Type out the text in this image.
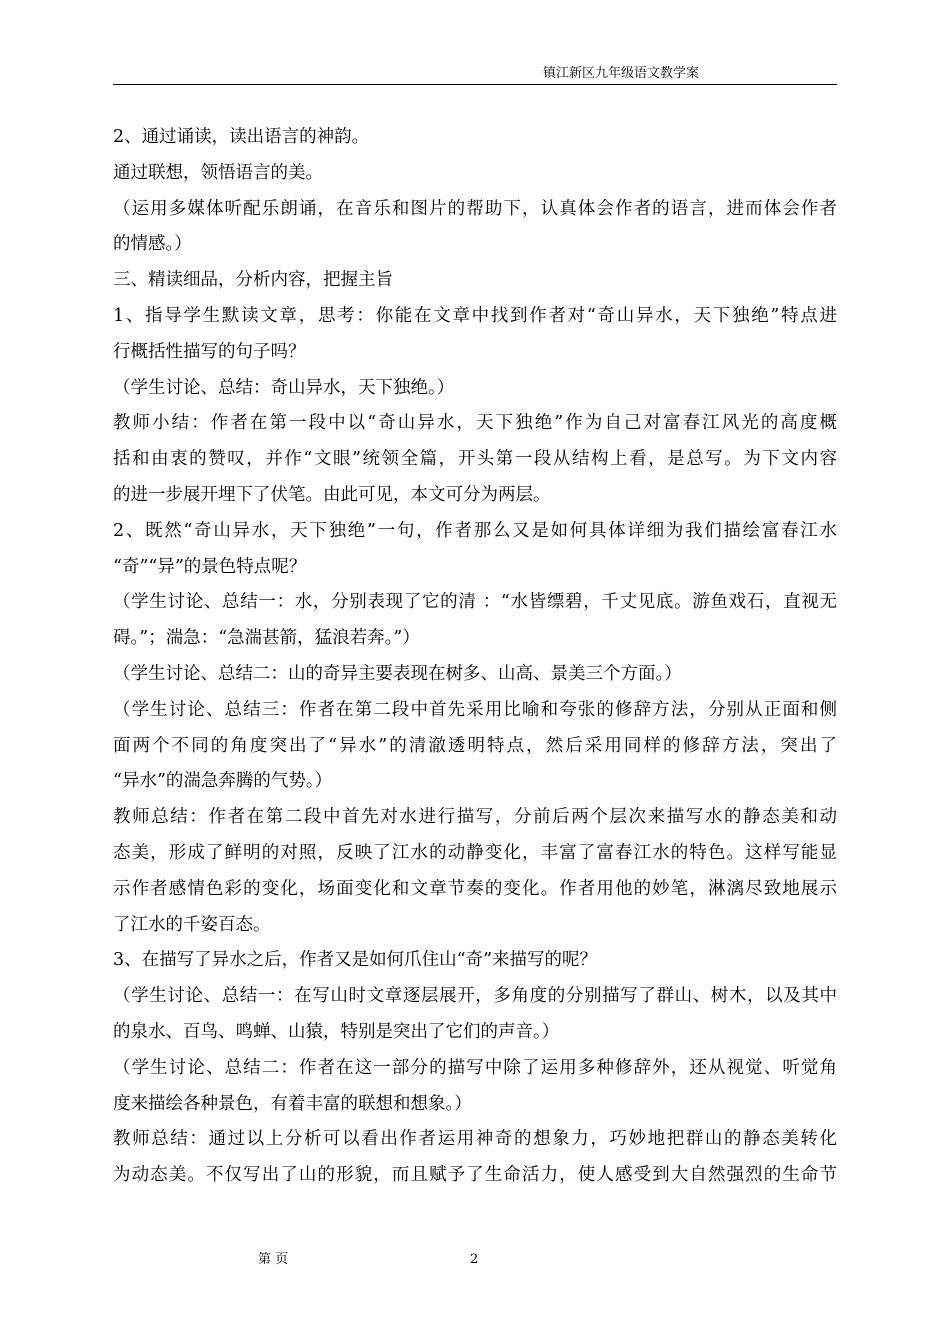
镇江新区九年级语文教学案
2、通过诵读，读出语言的神韵。
通过联想，领悟语言的美。
（运用多媒体听配乐朗诵，在音乐和图片的帮助下，认真体会作者的语言，进而体会作者
的情感。）
三、精读细品，分析内容，把握主旨
1、指导学生默读文章，思考：你能在文章中找到作者对“奇山异水，天下独绝”特点进
行概括性描写的句子吗？
（学生讨论、总结：奇山异水，天下独绝。）
教师小结：作者在第一段中以“奇山异水，天下独绝”作为自己对富春江风光的高度概
括和由衷的赞叹，并作“文眼”统领全篇，开头第一段从结构上看，是总写。为下文内容
的进一步展开埋下了伏笔。由此可见，本文可分为两层。
2、既然“奇山异水，天下独绝”一句，作者那么又是如何具体详细为我们描绘富春江水
“奇”“异”的景色特点呢？
（学生讨论、总结一：水，分别表现了它的清 ：“水皆缥碧，千丈见底。游鱼戏石，直视无
碍。”；湍急：“急湍甚箭，猛浪若奔。”）
（学生讨论、总结二：山的奇异主要表现在树多、山高、景美三个方面。）
（学生讨论、总结三：作者在第二段中首先采用比喻和夸张的修辞方法，分别从正面和侧
面两个不同的角度突出了“异水”的清澈透明特点，然后采用同样的修辞方法，突出了
“异水”的湍急奔腾的气势。）
教师总结：作者在第二段中首先对水进行描写，分前后两个层次来描写水的静态美和动
态美，形成了鲜明的对照，反映了江水的动静变化，丰富了富春江水的特色。这样写能显
示作者感情色彩的变化，场面变化和文章节奏的变化。作者用他的妙笔，淋漓尽致地展示
了江水的千姿百态。
3、在描写了异水之后，作者又是如何爪住山“奇”来描写的呢？
（学生讨论、总结一：在写山时文章逐层展开，多角度的分别描写了群山、树木，以及其中
的泉水、百鸟、鸣蝉、山猿，特别是突出了它们的声音。）
（学生讨论、总结二：作者在这一部分的描写中除了运用多种修辞外，还从视觉、听觉角
度来描绘各种景色，有着丰富的联想和想象。）
教师总结：通过以上分析可以看出作者运用神奇的想象力，巧妙地把群山的静态美转化
为动态美。不仅写出了山的形貌，而且赋予了生命活力，使人感受到大自然强烈的生命节
第 页	2
